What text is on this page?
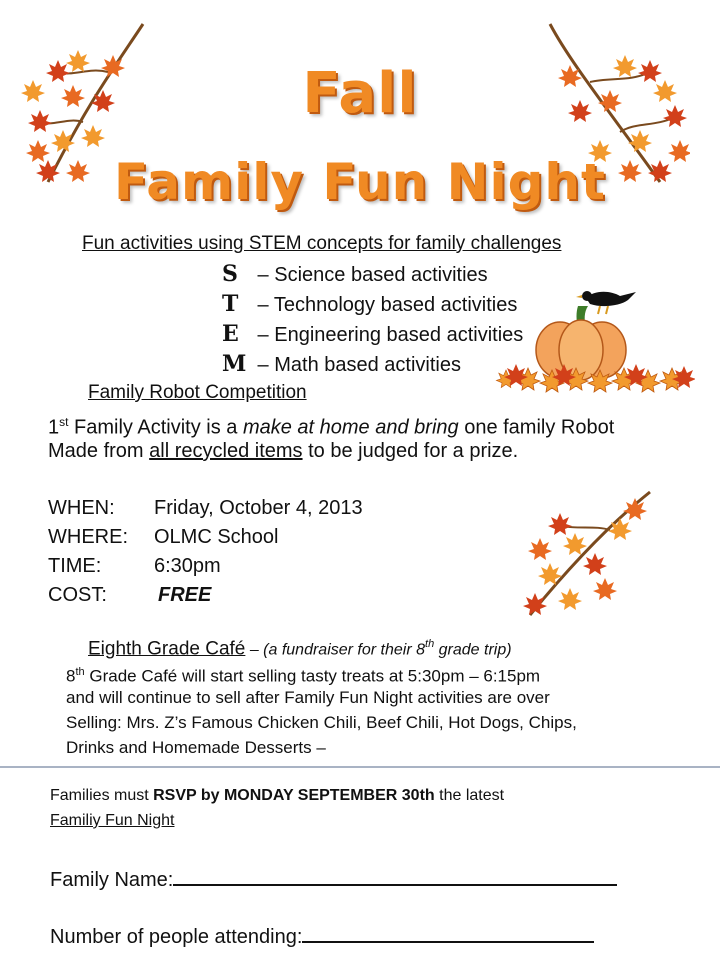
Fall
Family Fun Night
Fun activities using STEM concepts for family challenges
S – Science based activities
T – Technology based activities
E – Engineering based activities
M – Math based activities
Family Robot Competition
1st Family Activity is a make at home and bring one family Robot
Made from all recycled items to be judged for a prize.
WHEN: Friday, October 4, 2013
WHERE: OLMC School
TIME:	6:30pm
COST:	FREE
Eighth Grade Café – (a fundraiser for their 8th grade trip)
8th Grade Café will start selling tasty treats at 5:30pm – 6:15pm
and will continue to sell after Family Fun Night activities are over
Selling: Mrs. Z’s Famous Chicken Chili, Beef Chili, Hot Dogs, Chips,
Drinks and Homemade Desserts –
Families must RSVP by MONDAY SEPTEMBER 30th the latest
Familiy Fun Night
Family Name:
Number of people attending:
